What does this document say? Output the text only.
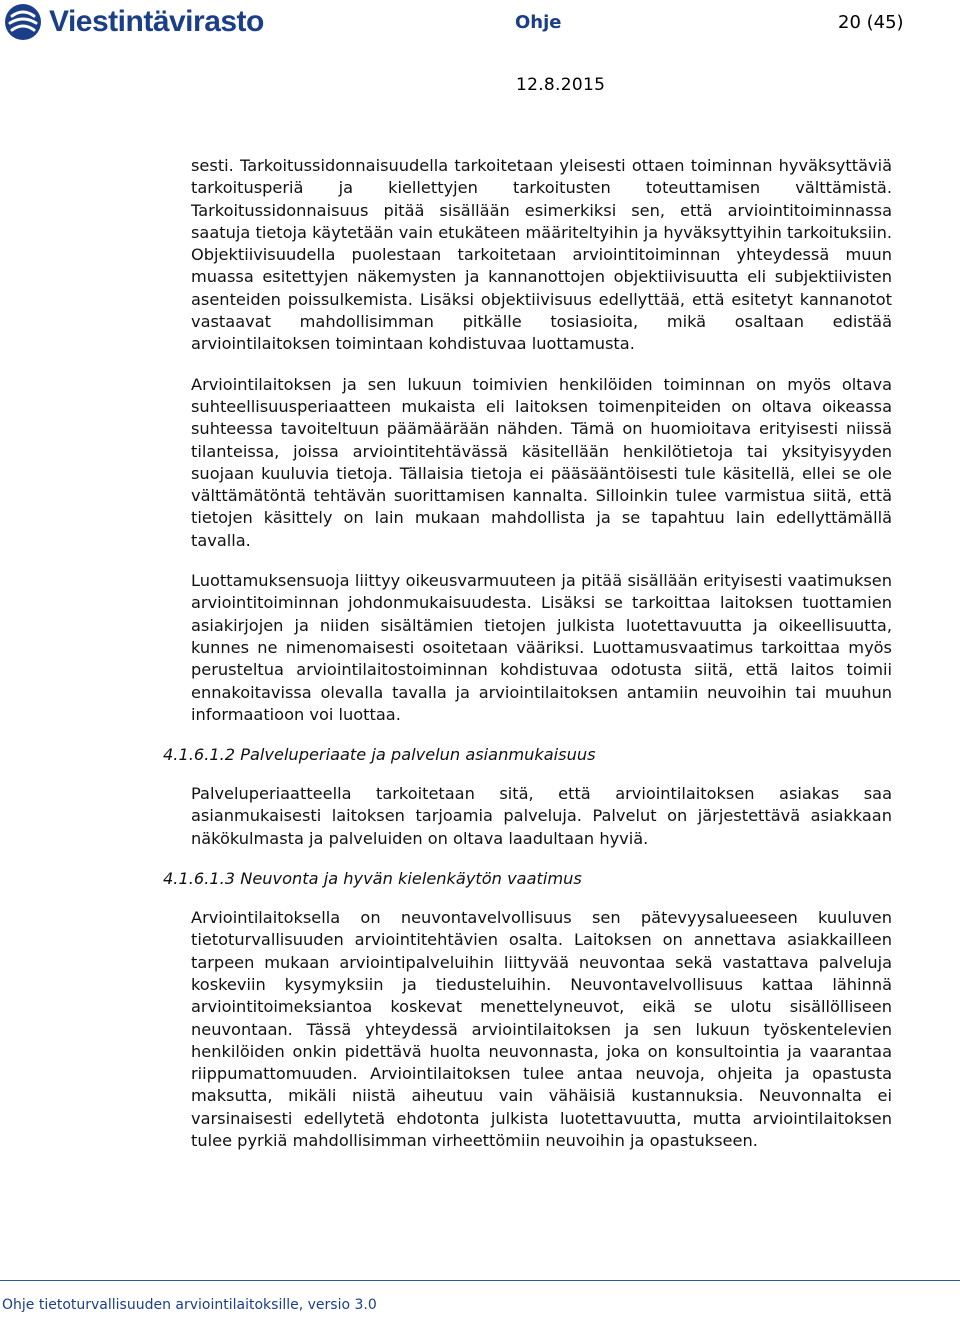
Viestintävirasto	Ohje	20 (45)
12.8.2015

sesti. Tarkoitussidonnaisuudella tarkoitetaan yleisesti ottaen toiminnan hyväksyttäviä tarkoitusperiä ja kiellettyjen tarkoitusten toteuttamisen välttämistä. Tarkoitussidonnaisuus pitää sisällään esimerkiksi sen, että arviointitoiminnassa saatuja tietoja käytetään vain etukäteen määriteltyihin ja hyväksyttyihin tarkoituksiin. Objektiivisuudella puolestaan tarkoitetaan arviointitoiminnan yhteydessä muun muassa esitettyjen näkemysten ja kannanottojen objektiivisuutta eli subjektiivisten asenteiden poissulkemista. Lisäksi objektiivisuus edellyttää, että esitetyt kannanotot vastaavat mahdollisimman pitkälle tosiasioita, mikä osaltaan edistää arviointilaitoksen toimintaan kohdistuvaa luottamusta.

Arviointilaitoksen ja sen lukuun toimivien henkilöiden toiminnan on myös oltava suhteellisuusperiaatteen mukaista eli laitoksen toimenpiteiden on oltava oikeassa suhteessa tavoiteltuun päämäärään nähden. Tämä on huomioitava erityisesti niissä tilanteissa, joissa arviointitehtävässä käsitellään henkilötietoja tai yksityisyyden suojaan kuuluvia tietoja. Tällaisia tietoja ei pääsääntöisesti tule käsitellä, ellei se ole välttämätöntä tehtävän suorittamisen kannalta. Silloinkin tulee varmistua siitä, että tietojen käsittely on lain mukaan mahdollista ja se tapahtuu lain edellyttämällä tavalla.

Luottamuksensuoja liittyy oikeusvarmuuteen ja pitää sisällään erityisesti vaatimuksen arviointitoiminnan johdonmukaisuudesta. Lisäksi se tarkoittaa laitoksen tuottamien asiakirjojen ja niiden sisältämien tietojen julkista luotettavuutta ja oikeellisuutta, kunnes ne nimenomaisesti osoitetaan vääriksi. Luottamusvaatimus tarkoittaa myös perusteltua arviointilaitostoiminnan kohdistuvaa odotusta siitä, että laitos toimii ennakoitavissa olevalla tavalla ja arviointilaitoksen antamiin neuvoihin tai muuhun informaatioon voi luottaa.

4.1.6.1.2 Palveluperiaate ja palvelun asianmukaisuus

Palveluperiaatteella tarkoitetaan sitä, että arviointilaitoksen asiakas saa asianmukaisesti laitoksen tarjoamia palveluja. Palvelut on järjestettävä asiakkaan näkökulmasta ja palveluiden on oltava laadultaan hyviä.

4.1.6.1.3 Neuvonta ja hyvän kielenkäytön vaatimus

Arviointilaitoksella on neuvontavelvollisuus sen pätevyysalueeseen kuuluven tietoturvallisuuden arviointitehtävien osalta. Laitoksen on annettava asiakkailleen tarpeen mukaan arviointipalveluihin liittyvää neuvontaa sekä vastattava palveluja koskeviin kysymyksiin ja tiedusteluihin. Neuvontavelvollisuus kattaa lähinnä arviointitoimeksiantoa koskevat menettelyneuvot, eikä se ulotu sisällölliseen neuvontaan. Tässä yhteydessä arviointilaitoksen ja sen lukuun työskentelevien henkilöiden onkin pidettävä huolta neuvonnasta, joka on konsultointia ja vaarantaa riippumattomuuden. Arviointilaitoksen tulee antaa neuvoja, ohjeita ja opastusta maksutta, mikäli niistä aiheutuu vain vähäisiä kustannuksia. Neuvonnalta ei varsinaisesti edellytetä ehdotonta julkista luotettavuutta, mutta arviointilaitoksen tulee pyrkiä mahdollisimman virheettömiin neuvoihin ja opastukseen.

Ohje tietoturvallisuuden arviointilaitoksille, versio 3.0
